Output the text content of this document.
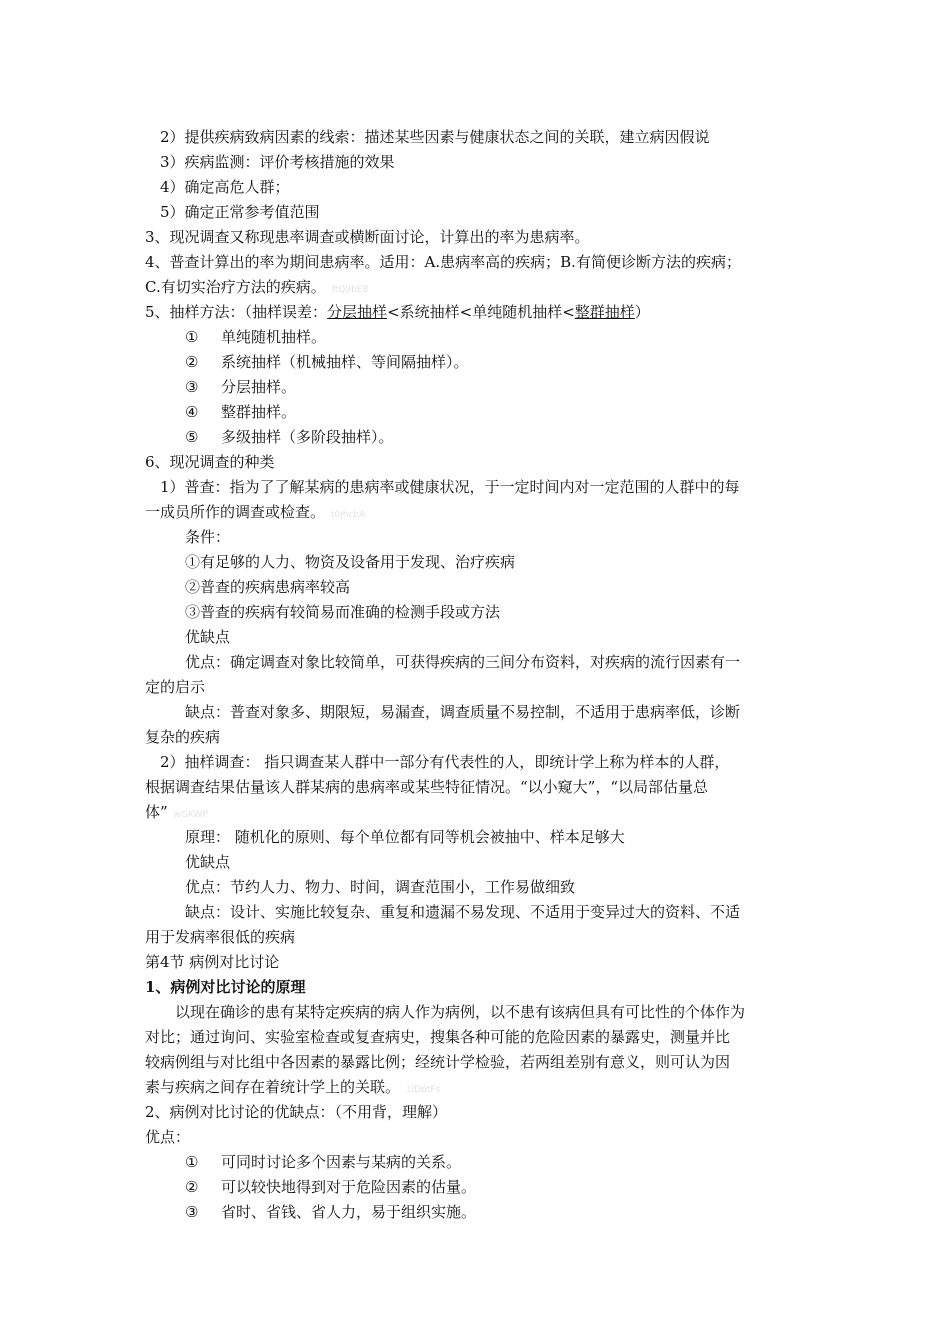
2）提供疾病致病因素的线索：描述某些因素与健康状态之间的关联，建立病因假说
3）疾病监测：评价考核措施的效果
4）确定高危人群；
5）确定正常参考值范围
3、现况调查又称现患率调查或横断面讨论，计算出的率为患病率。
4、普查计算出的率为期间患病率。适用：A.患病率高的疾病；B.有简便诊断方法的疾病；
C.有切实治疗方法的疾病。 ftQ9bE8
5、抽样方法：（抽样误差：分层抽样<系统抽样<单纯随机抽样<整群抽样）
① 单纯随机抽样。
② 系统抽样（机械抽样、等间隔抽样）。
③ 分层抽样。
④ 整群抽样。
⑤ 多级抽样（多阶段抽样）。
6、现况调查的种类
1）普查：指为了了解某病的患病率或健康状况，于一定时间内对一定范围的人群中的每
一成员所作的调查或检查。 t0jhcbA
条件：
①有足够的人力、物资及设备用于发现、治疗疾病
②普查的疾病患病率较高
③普查的疾病有较简易而准确的检测手段或方法
优缺点
优点：确定调查对象比较简单，可获得疾病的三间分布资料，对疾病的流行因素有一
定的启示
缺点：普查对象多、期限短，易漏查，调查质量不易控制，不适用于患病率低，诊断
复杂的疾病
2）抽样调查： 指只调查某人群中一部分有代表性的人，即统计学上称为样本的人群，
根据调查结果估量该人群某病的患病率或某些特征情况。“以小窥大”，“以局部估量总
体” wGKWP
原理： 随机化的原则、每个单位都有同等机会被抽中、样本足够大
优缺点
优点：节约人力、物力、时间，调查范围小，工作易做细致
缺点：设计、实施比较复杂、重复和遗漏不易发现、不适用于变异过大的资料、不适
用于发病率很低的疾病
第4节 病例对比讨论
1、病例对比讨论的原理
以现在确诊的患有某特定疾病的病人作为病例，以不患有该病但具有可比性的个体作为
对比；通过询问、实验室检查或复查病史，搜集各种可能的危险因素的暴露史，测量并比
较病例组与对比组中各因素的暴露比例；经统计学检验，若两组差别有意义，则可认为因
素与疾病之间存在着统计学上的关联。 1lD6tFs
2、病例对比讨论的优缺点：（不用背，理解）
优点：
① 可同时讨论多个因素与某病的关系。
② 可以较快地得到对于危险因素的估量。
③ 省时、省钱、省人力，易于组织实施。
